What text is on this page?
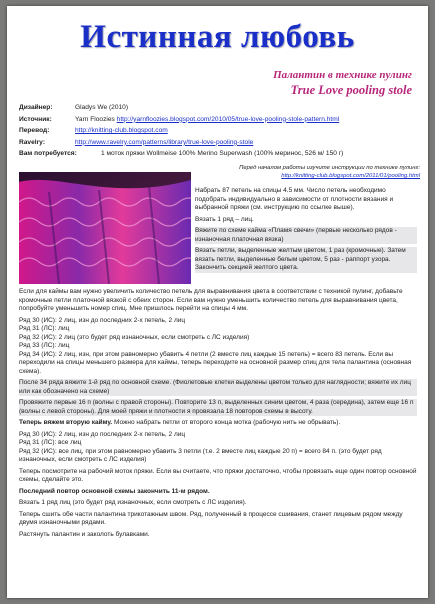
Истинная любовь
Палантин в технике пулинг
True Love pooling stole
Дизайнер:	Gladys We (2010)
Источник:	Yarn Floozies http://yarnfloozies.blogspot.com/2010/05/true-love-pooling-stole-pattern.html
Перевод:	http://knitting-club.blogspot.com
Ravelry:	http://www.ravelry.com/patterns/library/true-love-pooling-stole
Вам потребуется:	1 моток пряжи Wollmeise 100% Merino Superwash (100% меринос, 526 м/ 150 г)
Перед началом работы изучите инструкции по технике пулинг:
http://knitting-club.blogspot.com/2011/01/pooling.html

Набрать 87 петель на спицы 4.5 мм. Число петель необходимо подобрать индивидуально в зависимости от плотности вязания и выбранной пряжи (см. инструкцию по ссылке выше).

Вязать 1 ряд – лиц.

Вяжите по схеме кайма «Пламя свечи» (первые несколько рядов - изнаночная платочная вязка)

Вязать петли, выделенные желтым цветом, 1 раз (кромочные). Затем вязать петли, выделенные белым цветом, 5 раз - раппорт узора. Закончить секцией желтого цвета.

Если для каймы вам нужно увеличить количество петель для выравнивания цвета в соответствии с техникой пулинг, добавьте кромочные петли платочной вязкой с обеих сторон. Если вам нужно уменьшить количество петель для выравнивания цвета, попробуйте уменьшить номер спиц. Мне пришлось перейти на спицы 4 мм.

Ряд 30 (ИС): 2 лиц, изн до последних 2-х петель, 2 лиц

Ряд 31 (ЛС): лиц

Ряд 32 (ИС): 2 лиц (это будет ряд изнаночных, если смотреть с ЛС изделия)

Ряд 33 (ЛС): лиц

Ряд 34 (ИС): 2 лиц, изн, при этом равномерно убавить 4 петли (2 вместе лиц каждые 15 петель) = всего 83 петель. Если вы переходили на спицы меньшего размера для каймы, теперь переходите на основной размер спиц для тела палантина (основная схема).

После 34 ряда вяжите 1-й ряд по основной схеме. (Фиолетовые клетки выделены цветом только для наглядности; вяжите их лиц или как обозначено на схеме)

Провяжите первые 16 п (волны с правой стороны). Повторите 13 п, выделенных синим цветом, 4 раза (середина), затем еще 16 п (волны с левой стороны). Для моей пряжи и плотности я провязала 18 повторов схемы в высоту.

Теперь вяжем вторую кайму. Можно набрать петли от второго конца мотка (рабочую нить не обрывать).

Ряд 30 (ИС): 2 лиц, изн до последних 2-х петель, 2 лиц

Ряд 31 (ЛС): все лиц

Ряд 32 (ИС): все лиц, при этом равномерно убавить 3 петли (т.е. 2 вместе лиц каждые 20 п) = всего 84 п. (это будет ряд изнаночных, если смотреть с ЛС изделия)

Теперь посмотрите на рабочий моток пряжи. Если вы считаете, что пряжи достаточно, чтобы провязать еще один повтор основной схемы, сделайте это.

Последний повтор основной схемы закончить 11-м рядом.

Вязать 1 ряд лиц (это будет ряд изнаночных, если смотреть с ЛС изделия).

Теперь сшить обе части палантина трикотажным швом. Ряд, полученный в процессе сшивания, станет лицевым рядом между двумя изнаночными рядами.

Растянуть палантин и заколоть булавками.
